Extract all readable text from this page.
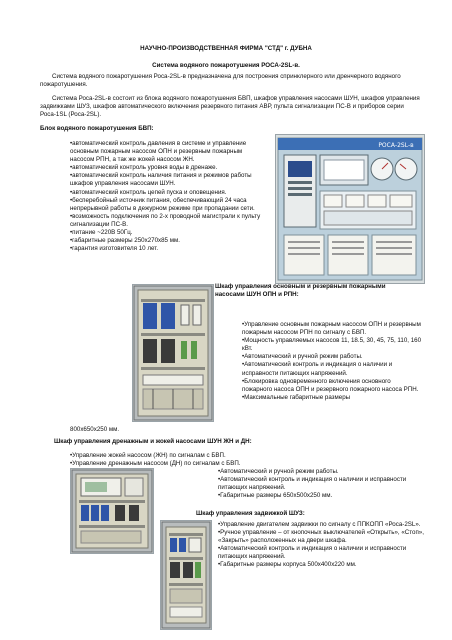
НАУЧНО-ПРОИЗВОДСТВЕННАЯ ФИРМА "СТД" г. ДУБНА
Система водяного пожаротушения РОСА-2SL-в.
Система водяного пожаротушения Роса-2SL-в предназначена для построения спринклерного или дренчерного водяного пожаротушения.
Система Роса-2SL-в состоит из блока водяного пожаротушения БВП, шкафов управления насосами ШУН, шкафов управления задвижками ШУЗ, шкафов автоматического включения резервного питания АВР, пульта сигнализации ПС-В и приборов серии Роса-1SL (Роса-2SL).
Блок водяного пожаротушения БВП:
•автоматический контроль давления в системе и управление основным пожарным насосом ОПН и резервным пожарным насосом РПН, а так же жокей насосом ЖН.
•автоматический контроль уровня воды в дренаже.
•автоматический контроль наличия питания и режимов работы шкафов управления насосами ШУН.
•автоматический контроль цепей пуска и оповещения.
•бесперебойный источник питания, обеспечивающий 24 часа непрерывной работы в дежурном режиме при пропадании сети.
•возможность подключения по 2-х проводной магистрали к пульту сигнализации ПС-В.
•питание ~220В 50Гц.
•габаритные размеры 250х270х85 мм.
•гарантия изготовителя 10 лет.
РОСА-2SL-в
Шкаф управления основным и резервным пожарными насосами ШУН ОПН и РПН:
•Управление основным пожарным насосом ОПН и резервным пожарным насосом РПН по сигналу с БВП.
•Мощность управляемых насосов 11, 18.5, 30, 45, 75, 110, 160 кВт.
•Автоматический и ручной режим работы.
•Автоматический контроль и индикация о наличии и исправности питающих напряжений.
•Блокировка одновременного включения основного пожарного насоса ОПН и резервного пожарного насоса РПН.
•Максимальные габаритные размеры
800х650х250 мм.
Шкаф управления дренажным и жокей насосами ШУН ЖН и ДН:
•Управление жокей насосом (ЖН) по сигналам с БВП.
•Управление дренажным насосом (ДН) по сигналам с БВП.
•Автоматический и ручной режим работы.
•Автоматический контроль и индикация о наличии и исправности питающих напряжений.
•Габаритные размеры 650х500х250 мм.
Шкаф управления задвижкой ШУЗ:
•Управление двигателем задвижки по сигналу с ППКОПП «Роса-2SL».
•Ручное управление – от кнопочных выключателей «Открыть», «Стоп», «Закрыть» расположенных на двери шкафа.
•Автоматический контроль и индикация о наличии и исправности питающих напряжений.
•Габаритные размеры корпуса 500х400х220 мм.
